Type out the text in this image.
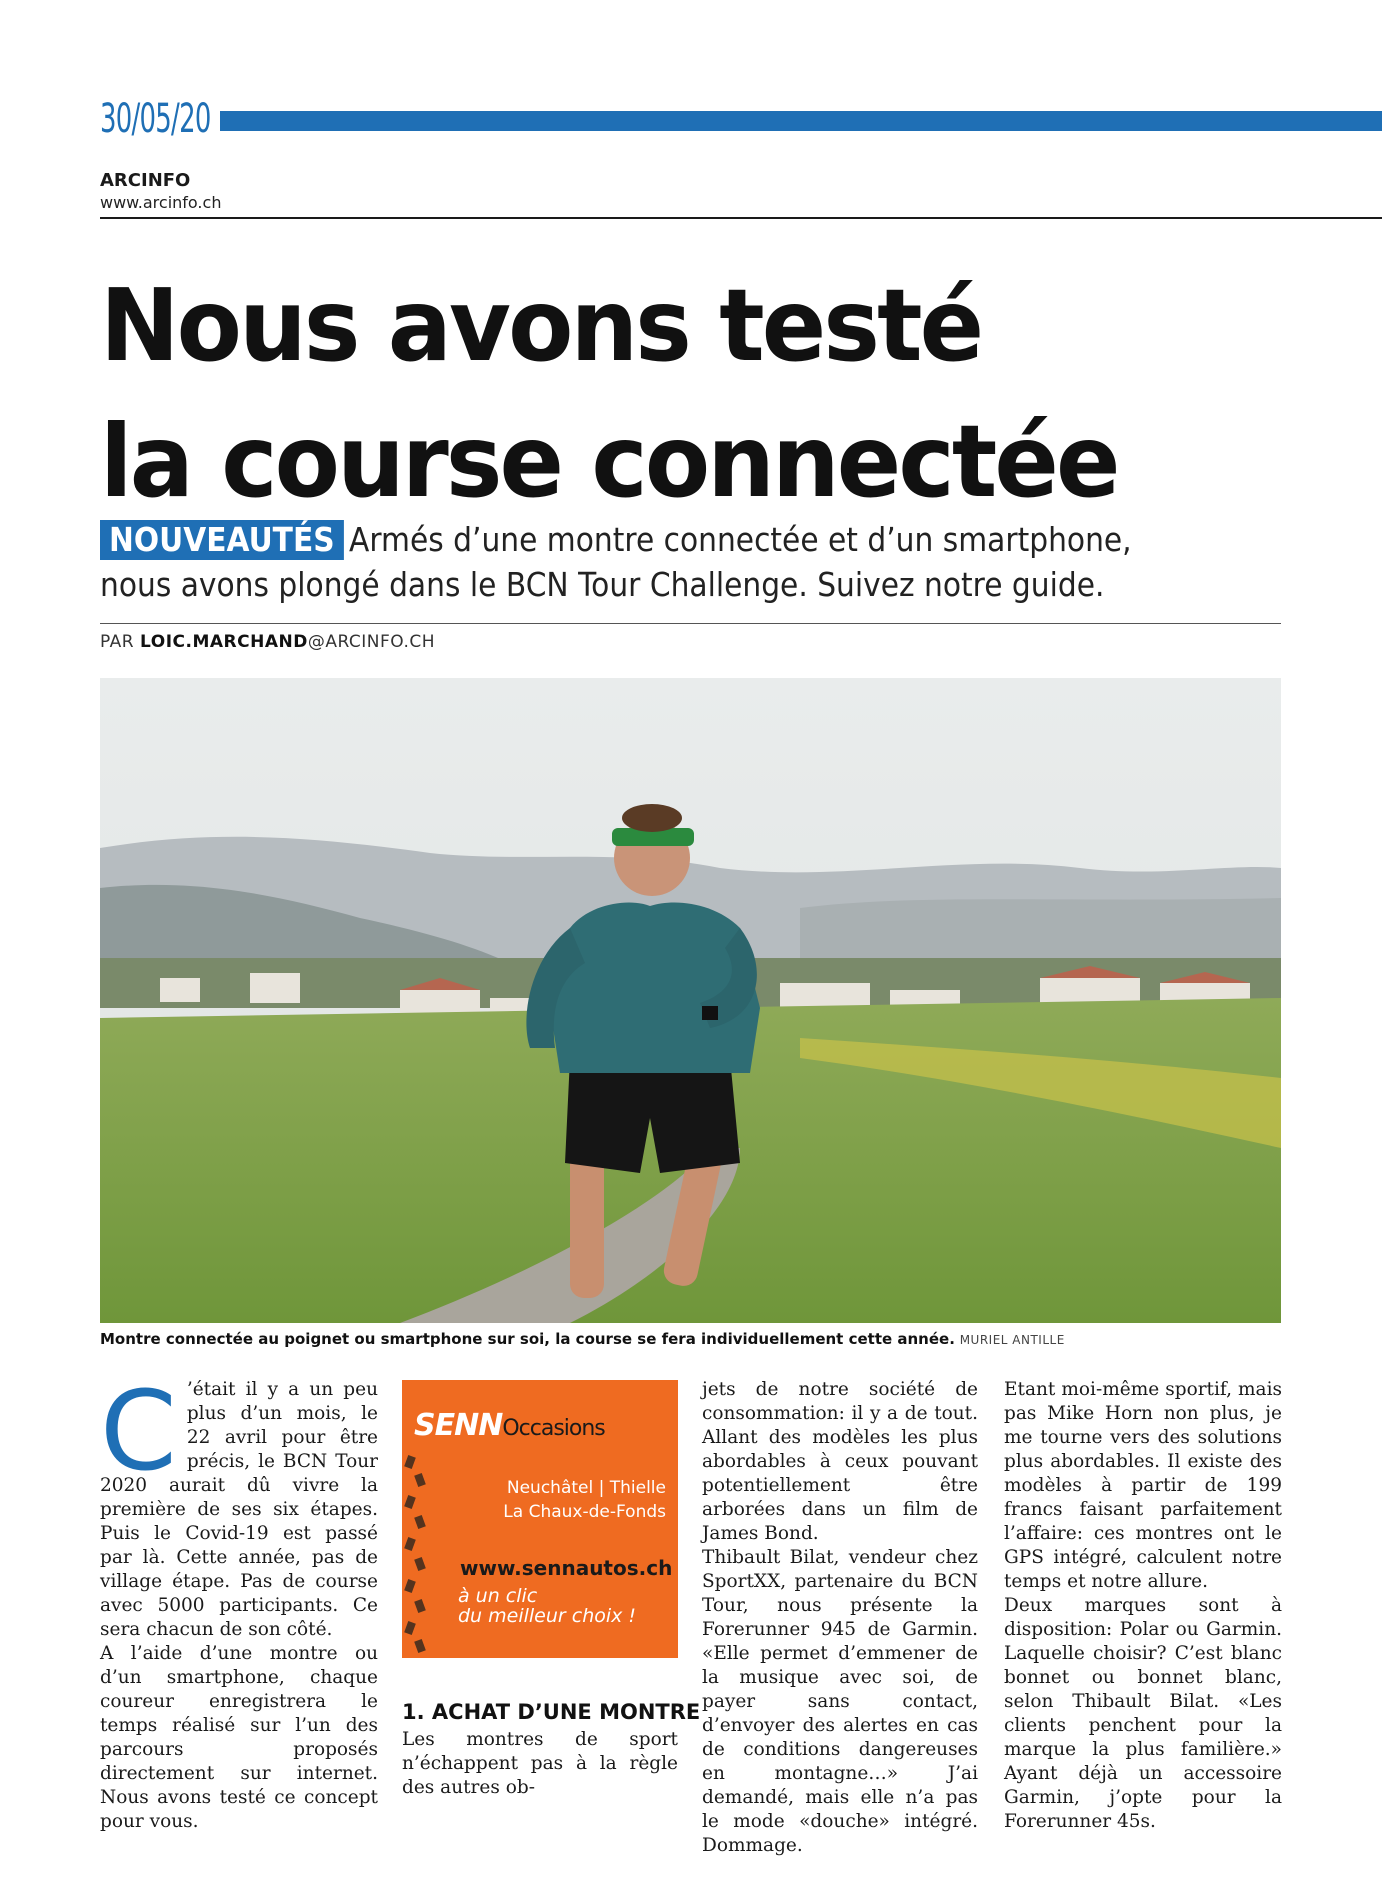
30/05/20
ARCINFO
www.arcinfo.ch
Nous avons testé
la course connectée
NOUVEAUTÉS Armés d’une montre connectée et d’un smartphone, nous avons plongé dans le BCN Tour Challenge. Suivez notre guide.
PAR LOIC.MARCHAND@ARCINFO.CH
Montre connectée au poignet ou smartphone sur soi, la course se fera individuellement cette année. MURIEL ANTILLE
C ’était il y a un peu plus d’un mois, le 22 avril pour être précis, le BCN Tour 2020 aurait dû vivre la première de ses six étapes. Puis le Covid-19 est passé par là. Cette année, pas de village étape. Pas de course avec 5000 participants. Ce sera chacun de son côté.

A l’aide d’une montre ou d’un smartphone, chaque coureur enregistrera le temps réalisé sur l’un des parcours proposés directement sur internet. Nous avons testé ce concept pour vous.

SENNOccasions
Neuchâtel | Thielle
La Chaux-de-Fonds
www.sennautos.ch
à un clic
du meilleur choix !
1. ACHAT D’UNE MONTRE

Les montres de sport n’échappent pas à la règle des autres ob-

jets de notre société de consommation: il y a de tout. Allant des modèles les plus abordables à ceux pouvant potentiellement être arborées dans un film de James Bond.

Thibault Bilat, vendeur chez SportXX, partenaire du BCN Tour, nous présente la Forerunner 945 de Garmin. «Elle permet d’emmener de la musique avec soi, de payer sans contact, d’envoyer des alertes en cas de conditions dangereuses en montagne…» J’ai demandé, mais elle n’a pas le mode «douche» intégré. Dommage.

Etant moi-même sportif, mais pas Mike Horn non plus, je me tourne vers des solutions plus abordables. Il existe des modèles à partir de 199 francs faisant parfaitement l’affaire: ces montres ont le GPS intégré, calculent notre temps et notre allure.

Deux marques sont à disposition: Polar ou Garmin. Laquelle choisir? C’est blanc bonnet ou bonnet blanc, selon Thibault Bilat. «Les clients penchent pour la marque la plus familière.» Ayant déjà un accessoire Garmin, j’opte pour la Forerunner 45s.
